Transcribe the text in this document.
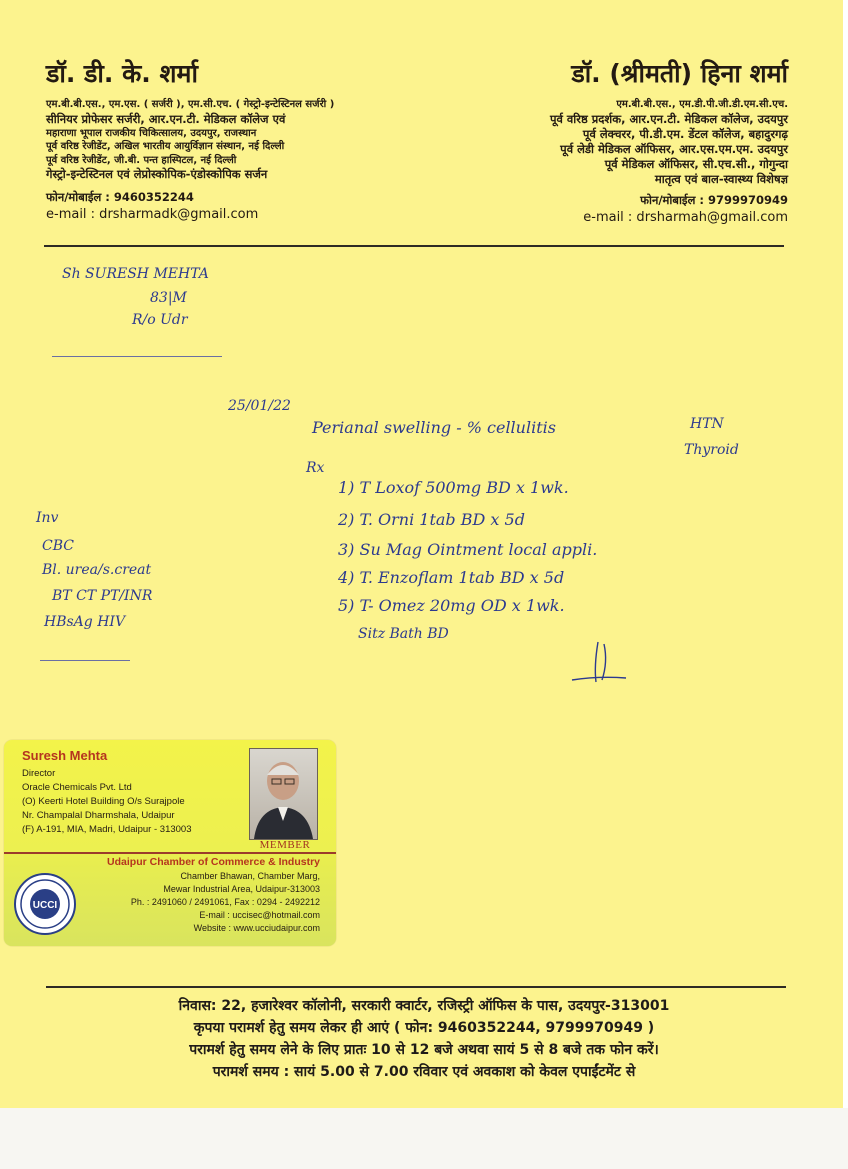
डॉ. डी. के. शर्मा
एम.बी.बी.एस., एम.एस. ( सर्जरी ), एम.सी.एच. ( गेस्ट्रो-इन्टेस्टिनल सर्जरी )
सीनियर प्रोफेसर सर्जरी, आर.एन.टी. मेडिकल कॉलेज एवं
महाराणा भूपाल राजकीय चिकित्सालय, उदयपुर, राजस्थान
पूर्व वरिष्ठ रेजीडेंट, अखिल भारतीय आयुर्विज्ञान संस्थान, नई दिल्ली
पूर्व वरिष्ठ रेजीडेंट, जी.बी. पन्त हास्पिटल, नई दिल्ली
गेस्ट्रो-इन्टेस्टिनल एवं लेप्रोस्कोपिक-एंडोस्कोपिक सर्जन
फोन/मोबाईल : 9460352244
e-mail : drsharmadk@gmail.com
डॉ. (श्रीमती) हिना शर्मा
एम.बी.बी.एस., एम.डी.पी.जी.डी.एम.सी.एच.
पूर्व वरिष्ठ प्रदर्शक, आर.एन.टी. मेडिकल कॉलेज, उदयपुर
पूर्व लेक्चरर, पी.डी.एम. डेंटल कॉलेज, बहादुरगढ़
पूर्व लेडी मेडिकल ऑफिसर, आर.एस.एम.एम. उदयपुर
पूर्व मेडिकल ऑफिसर, सी.एच.सी., गोगुन्दा
मातृत्व एवं बाल-स्वास्थ्य विशेषज्ञ
फोन/मोबाईल : 9799970949
e-mail : drsharmah@gmail.com
Sh SURESH MEHTA
83|M
R/o Udr
25/01/22
Perianal swelling - % cellulitis	HTN
Thyroid
Rx
1) T Loxof 500mg BD x 1wk.
2) T. Orni 1tab BD x 5d
3) Su Mag Ointment local appli.
4) T. Enzoflam 1tab BD x 5d
5) T- Omez 20mg OD x 1wk.
Sitz Bath BD
Inv
CBC
Bl. urea/s.creat
BT CT PT/INR
HBsAg HIV
Suresh Mehta
Director
Oracle Chemicals Pvt. Ltd
(O) Keerti Hotel Building O/s Surajpole
Nr. Champalal Dharmshala, Udaipur
(F) A-191, MIA, Madri, Udaipur - 313003
MEMBER
UCCI
Udaipur Chamber of Commerce & Industry
Chamber Bhawan, Chamber Marg,
Mewar Industrial Area, Udaipur-313003
Ph. : 2491060 / 2491061, Fax : 0294 - 2492212
E-mail : uccisec@hotmail.com
Website : www.ucciudaipur.com
निवास: 22, हजारेश्वर कॉलोनी, सरकारी क्वार्टर, रजिस्ट्री ऑफिस के पास, उदयपुर-313001
कृपया परामर्श हेतु समय लेकर ही आएं ( फोन: 9460352244, 9799970949 )
परामर्श हेतु समय लेने के लिए प्रातः 10 से 12 बजे अथवा सायं 5 से 8 बजे तक फोन करें।
परामर्श समय : सायं 5.00 से 7.00 रविवार एवं अवकाश को केवल एपाईंटमेंट से
